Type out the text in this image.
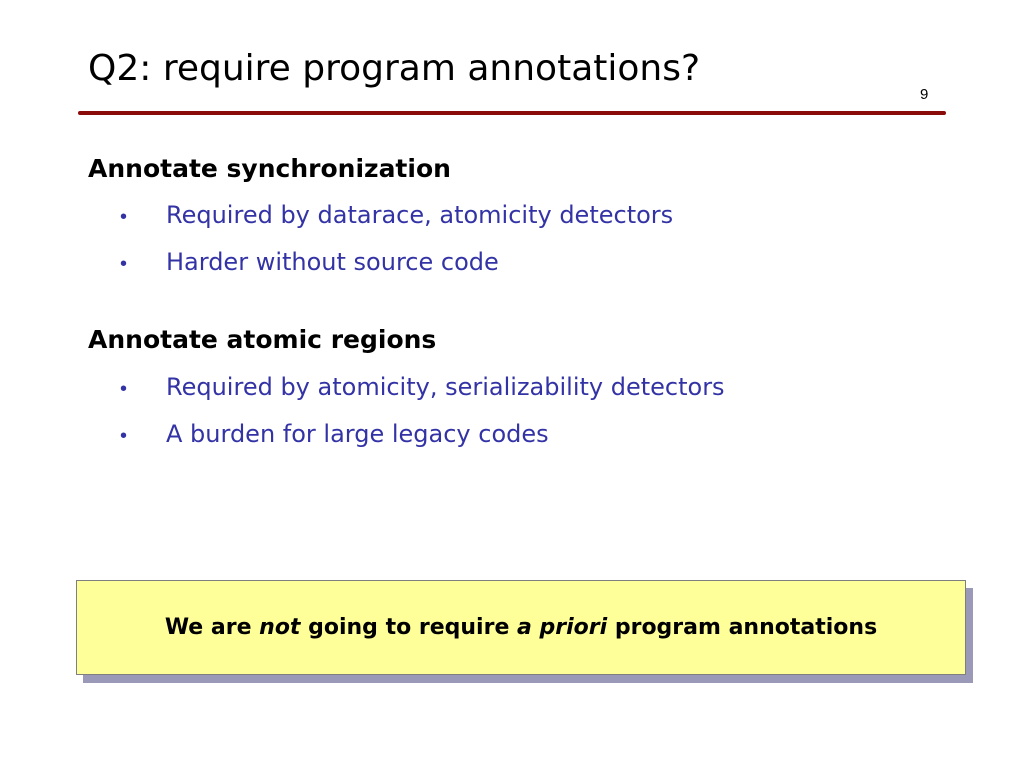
Q2: require program annotations?
9
Annotate synchronization
• Required by datarace, atomicity detectors
• Harder without source code
Annotate atomic regions
• Required by atomicity, serializability detectors
• A burden for large legacy codes
We are not going to require a priori program annotations
